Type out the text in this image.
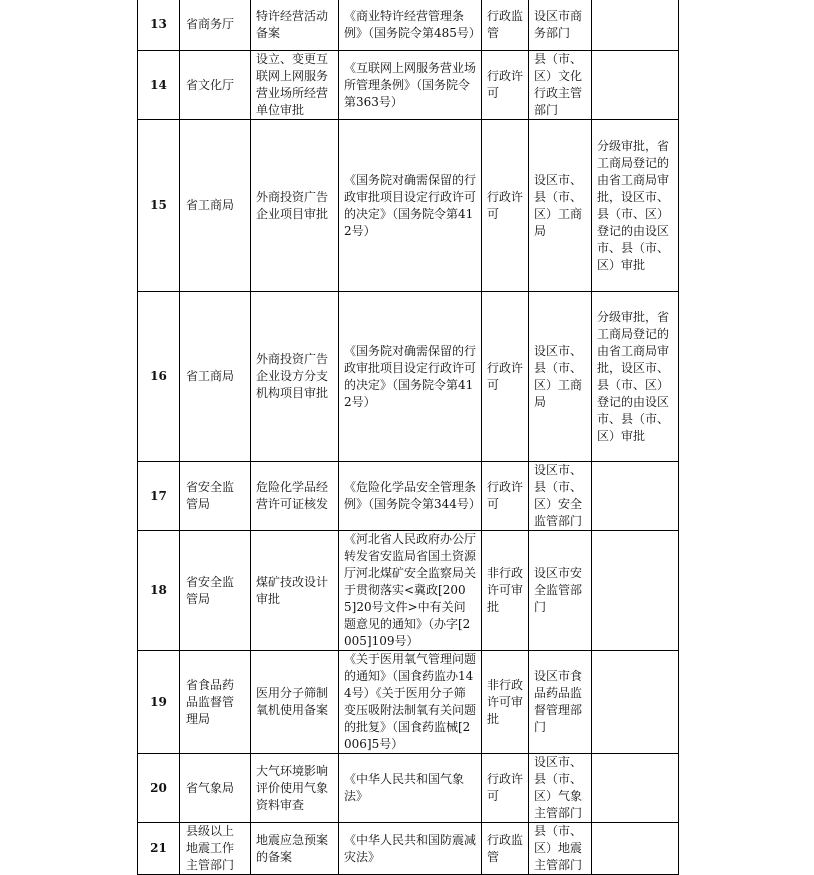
13	省商务厅	特许经营活动备案	《商业特许经营管理条例》（国务院令第485号）	行政监管	设区市商务部门	
14	省文化厅	设立、变更互联网上网服务营业场所经营单位审批	《互联网上网服务营业场所管理条例》（国务院令第363号）	行政许可	县（市、区）文化行政主管部门	
15	省工商局	外商投资广告企业项目审批	《国务院对确需保留的行政审批项目设定行政许可的决定》（国务院令第412号）	行政许可	设区市、县（市、区）工商局	分级审批，省工商局登记的由省工商局审批，设区市、县（市、区）登记的由设区市、县（市、区）审批
16	省工商局	外商投资广告企业设方分支机构项目审批	《国务院对确需保留的行政审批项目设定行政许可的决定》（国务院令第412号）	行政许可	设区市、县（市、区）工商局	分级审批，省工商局登记的由省工商局审批，设区市、县（市、区）登记的由设区市、县（市、区）审批
17	省安全监管局	危险化学品经营许可证核发	《危险化学品安全管理条例》（国务院令第344号）	行政许可	设区市、县（市、区）安全监管部门	
18	省安全监管局	煤矿技改设计审批	《河北省人民政府办公厅转发省安监局省国土资源厅河北煤矿安全监察局关于贯彻落实<冀政[2005]20号文件>中有关问题意见的通知》（办字[2005]109号）	非行政许可审批	设区市安全监管部门	
19	省食品药品监督管理局	医用分子筛制氧机使用备案	《关于医用氧气管理问题的通知》（国食药监办144号）《关于医用分子筛变压吸附法制氧有关问题的批复》（国食药监械[2006]5号）	非行政许可审批	设区市食品药品监督管理部门	
20	省气象局	大气环境影响评价使用气象资料审查	《中华人民共和国气象法》	行政许可	设区市、县（市、区）气象主管部门	
21	县级以上地震工作主管部门	地震应急预案的备案	《中华人民共和国防震减灾法》	行政监管	县（市、区）地震主管部门	
